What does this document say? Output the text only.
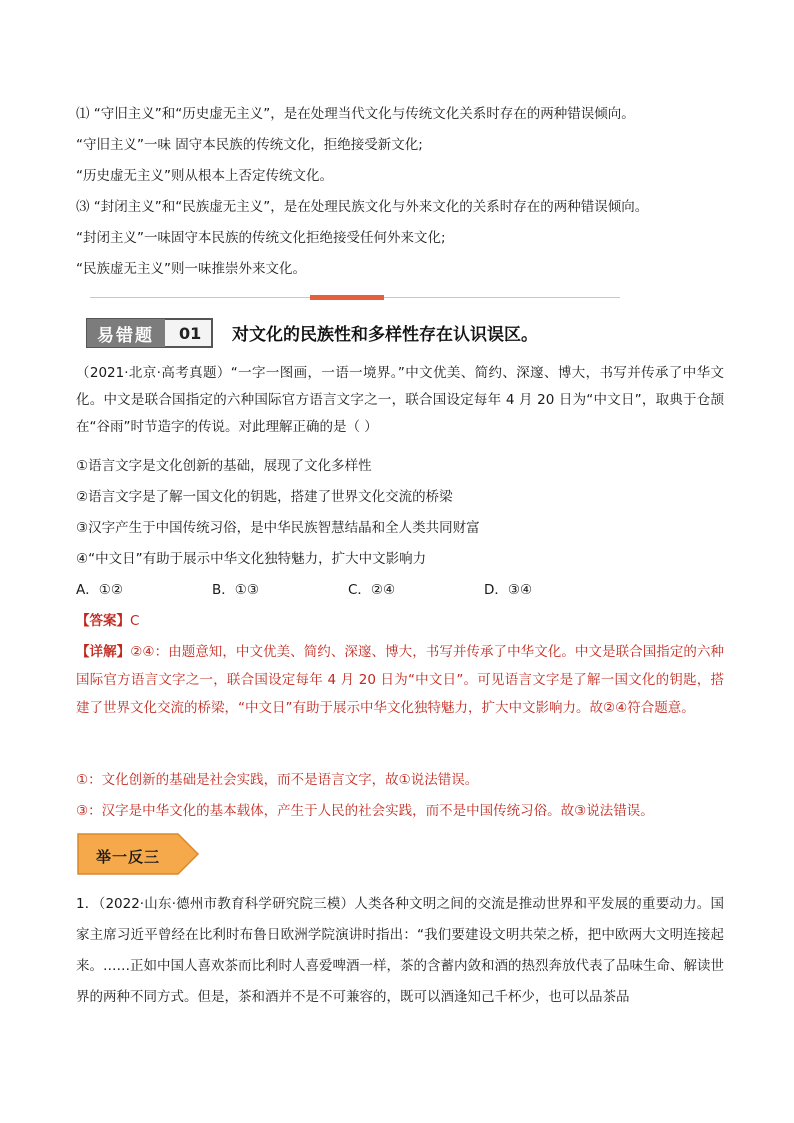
⑴ “守旧主义”和“历史虚无主义”，是在处理当代文化与传统文化关系时存在的两种错误倾向。
“守旧主义”一味 固守本民族的传统文化，拒绝接受新文化;
“历史虚无主义”则从根本上否定传统文化。
⑶ “封闭主义”和“民族虚无主义”，是在处理民族文化与外来文化的关系时存在的两种错误倾向。
“封闭主义”一味固守本民族的传统文化拒绝接受任何外来文化;
“民族虚无主义”则一味推崇外来文化。
易错题	01	对文化的民族性和多样性存在认识误区。
（2021·北京·高考真题）“一字一图画，一语一境界。”中文优美、简约、深邃、博大，书写并传承了中华文化。中文是联合国指定的六种国际官方语言文字之一，联合国设定每年 4 月 20 日为“中文日”，取典于仓颉在“谷雨”时节造字的传说。对此理解正确的是（ ）
①语言文字是文化创新的基础，展现了文化多样性
②语言文字是了解一国文化的钥匙，搭建了世界文化交流的桥梁
③汉字产生于中国传统习俗，是中华民族智慧结晶和全人类共同财富
④“中文日”有助于展示中华文化独特魅力，扩大中文影响力
A．①②	B．①③	C．②④	D．③④
【答案】C
【详解】②④：由题意知，中文优美、简约、深邃、博大，书写并传承了中华文化。中文是联合国指定的六种国际官方语言文字之一，联合国设定每年 4 月 20 日为“中文日”。可见语言文字是了解一国文化的钥匙，搭建了世界文化交流的桥梁，“中文日”有助于展示中华文化独特魅力，扩大中文影响力。故②④符合题意。
①：文化创新的基础是社会实践，而不是语言文字，故①说法错误。
③：汉字是中华文化的基本载体，产生于人民的社会实践，而不是中国传统习俗。故③说法错误。
举一反三
1．（2022·山东·德州市教育科学研究院三模）人类各种文明之间的交流是推动世界和平发展的重要动力。国家主席习近平曾经在比利时布鲁日欧洲学院演讲时指出：“我们要建设文明共荣之桥，把中欧两大文明连接起来。……正如中国人喜欢茶而比利时人喜爱啤酒一样，茶的含蓄内敛和酒的热烈奔放代表了品味生命、解读世界的两种不同方式。但是，茶和酒并不是不可兼容的，既可以酒逢知己千杯少，也可以品茶品
